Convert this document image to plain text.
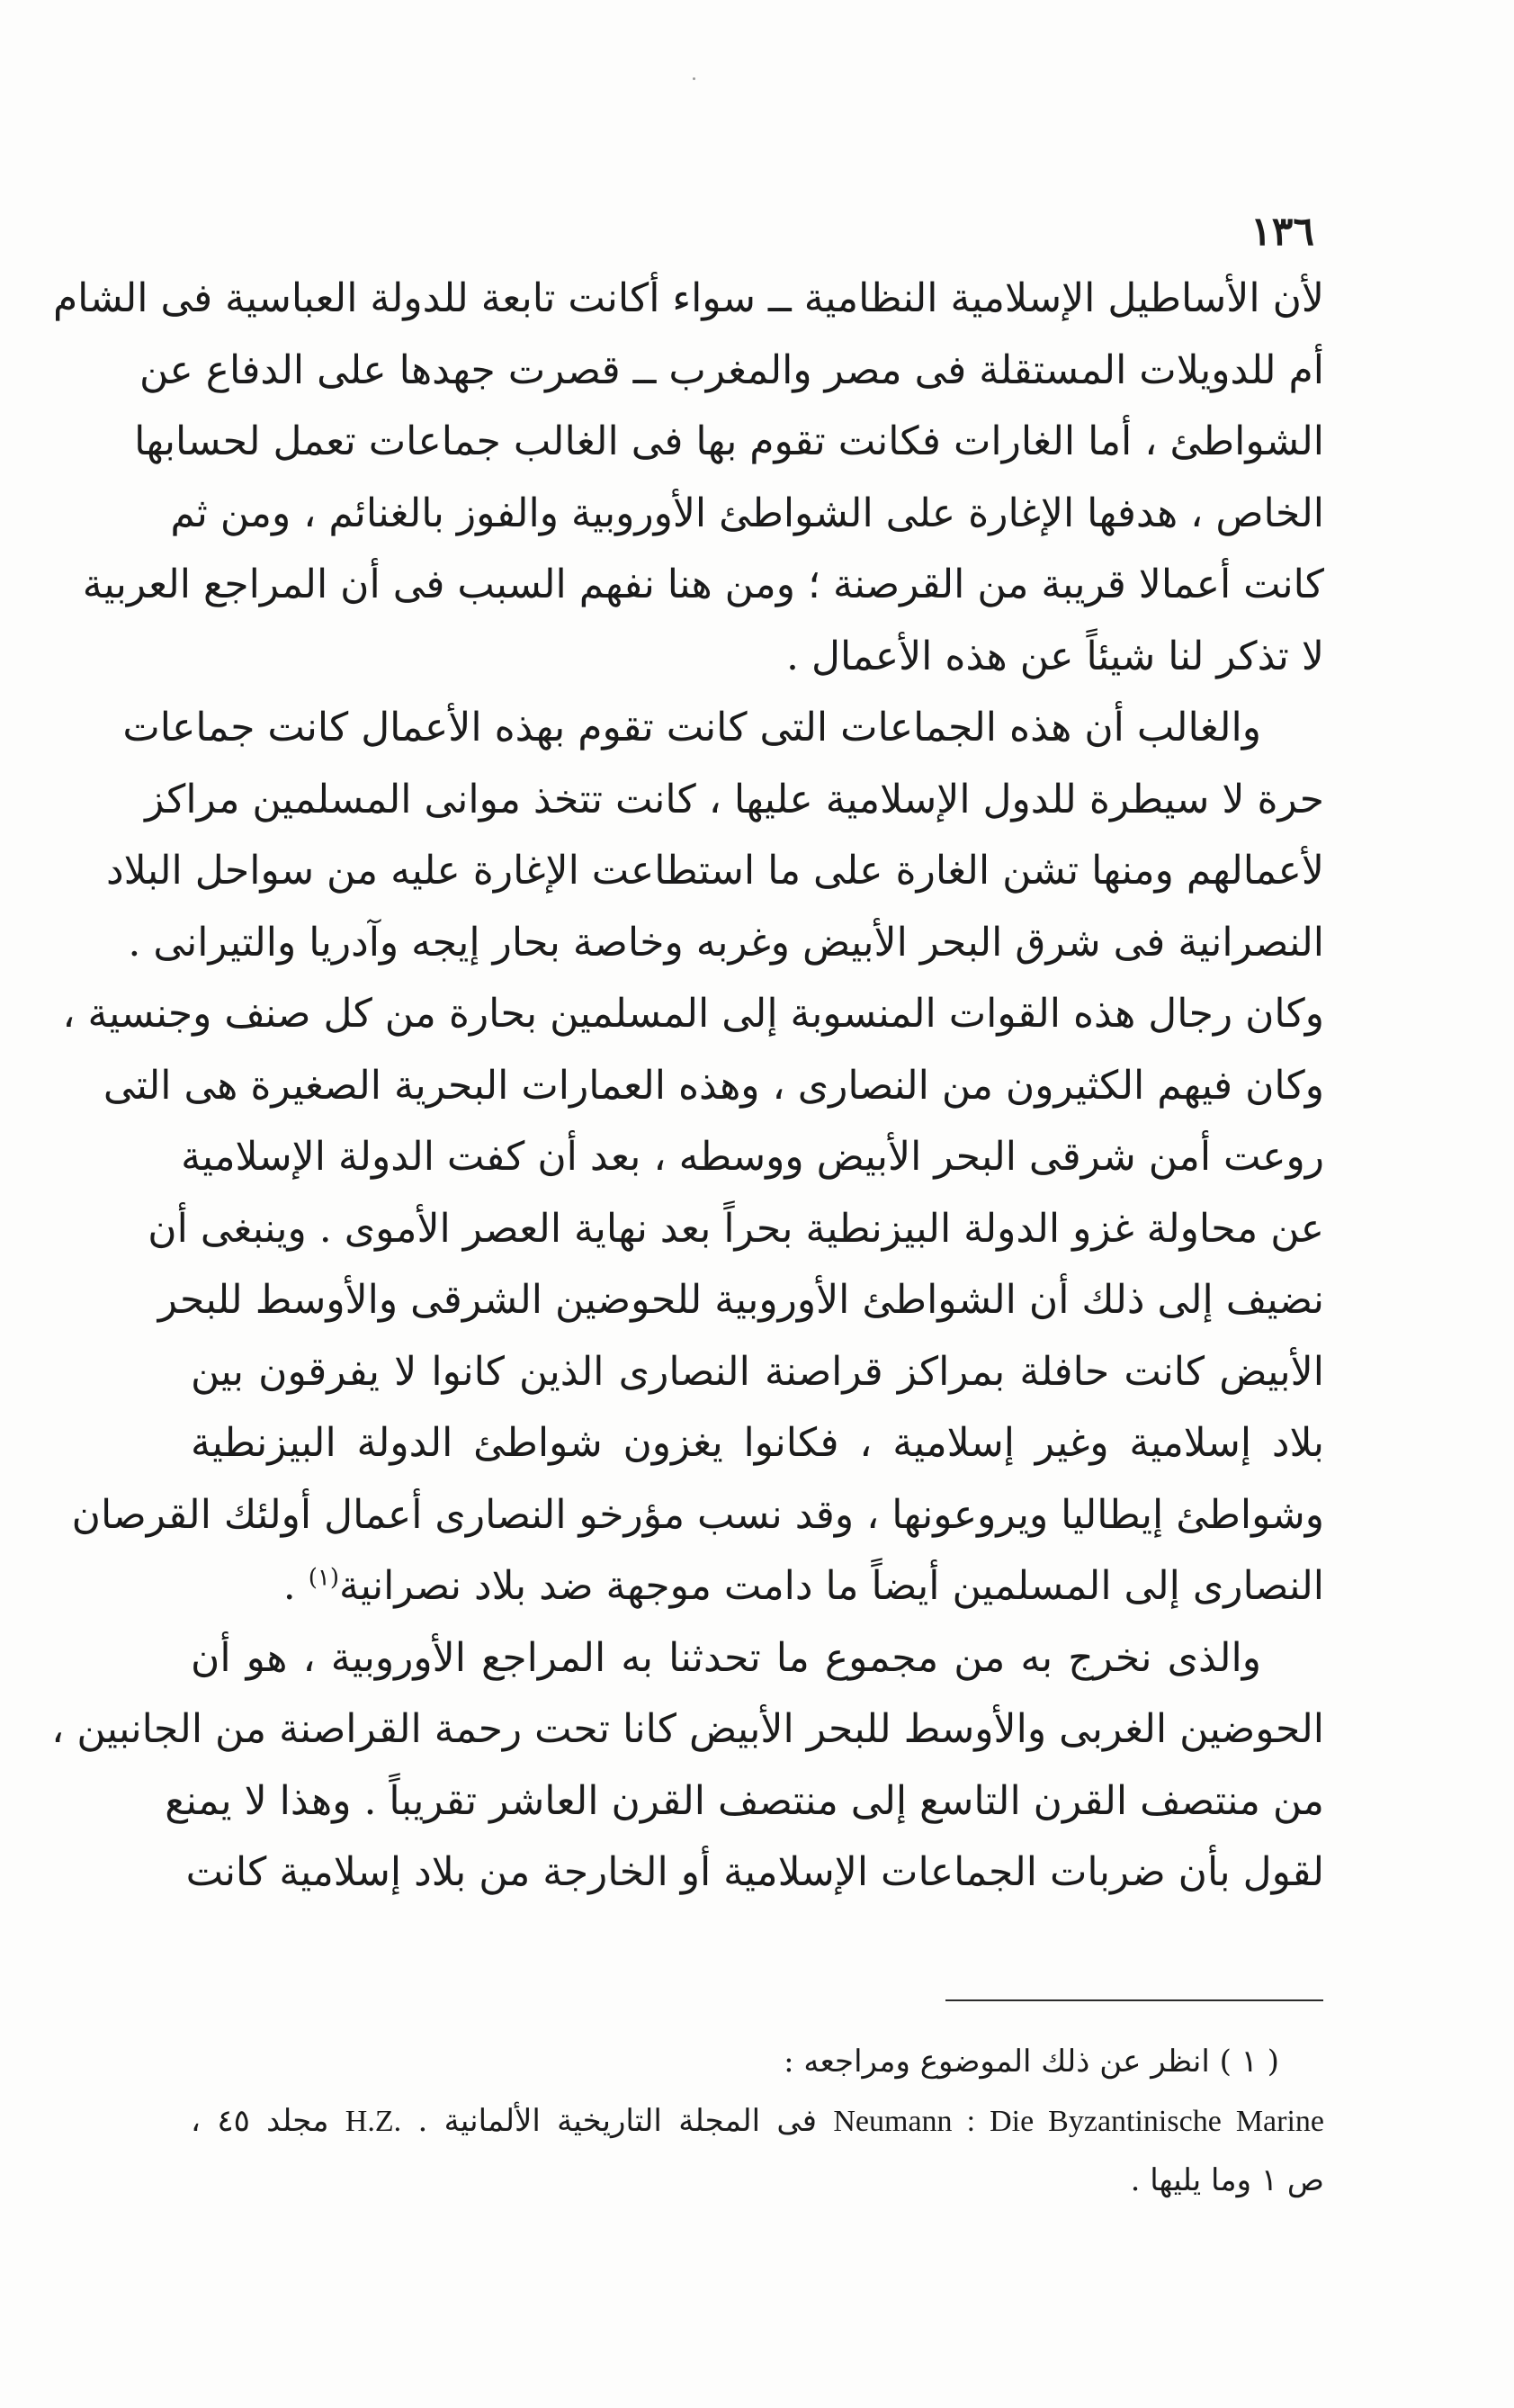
١٣٦
لأن الأساطيل الإسلامية النظامية ــ سواء أكانت تابعة للدولة العباسية فى الشام
أم للدويلات المستقلة فى مصر والمغرب ــ قصرت جهدها على الدفاع عن
الشواطئ ، أما الغارات فكانت تقوم بها فى الغالب جماعات تعمل لحسابها
الخاص ، هدفها الإغارة على الشواطئ الأوروبية والفوز بالغنائم ، ومن ثم
كانت أعمالا قريبة من القرصنة ؛ ومن هنا نفهم السبب فى أن المراجع العربية
لا تذكر لنا شيئاً عن هذه الأعمال .
والغالب أن هذه الجماعات التى كانت تقوم بهذه الأعمال كانت جماعات
حرة لا سيطرة للدول الإسلامية عليها ، كانت تتخذ موانى المسلمين مراكز
لأعمالهم ومنها تشن الغارة على ما استطاعت الإغارة عليه من سواحل البلاد
النصرانية فى شرق البحر الأبيض وغربه وخاصة بحار إيجه وآدريا والتيرانى .
وكان رجال هذه القوات المنسوبة إلى المسلمين بحارة من كل صنف وجنسية ،
وكان فيهم الكثيرون من النصارى ، وهذه العمارات البحرية الصغيرة هى التى
روعت أمن شرقى البحر الأبيض ووسطه ، بعد أن كفت الدولة الإسلامية
عن محاولة غزو الدولة البيزنطية بحراً بعد نهاية العصر الأموى . وينبغى أن
نضيف إلى ذلك أن الشواطئ الأوروبية للحوضين الشرقى والأوسط للبحر
الأبيض كانت حافلة بمراكز قراصنة النصارى الذين كانوا لا يفرقون بين
بلاد إسلامية وغير إسلامية ، فكانوا يغزون شواطئ الدولة البيزنطية
وشواطئ إيطاليا ويروعونها ، وقد نسب مؤرخو النصارى أعمال أولئك القرصان
النصارى إلى المسلمين أيضاً ما دامت موجهة ضد بلاد نصرانية$^{(١)}$ .
والذى نخرج به من مجموع ما تحدثنا به المراجع الأوروبية ، هو أن
الحوضين الغربى والأوسط للبحر الأبيض كانا تحت رحمة القراصنة من الجانبين ،
من منتصف القرن التاسع إلى منتصف القرن العاشر تقريباً . وهذا لا يمنع
لقول بأن ضربات الجماعات الإسلامية أو الخارجة من بلاد إسلامية كانت
( ١ ) انظر عن ذلك الموضوع ومراجعه :
Neumann : Die Byzantinische Marine فى المجلة التاريخية الألمانية . H.Z. مجلد ٤٥ ،
ص ١ وما يليها .
